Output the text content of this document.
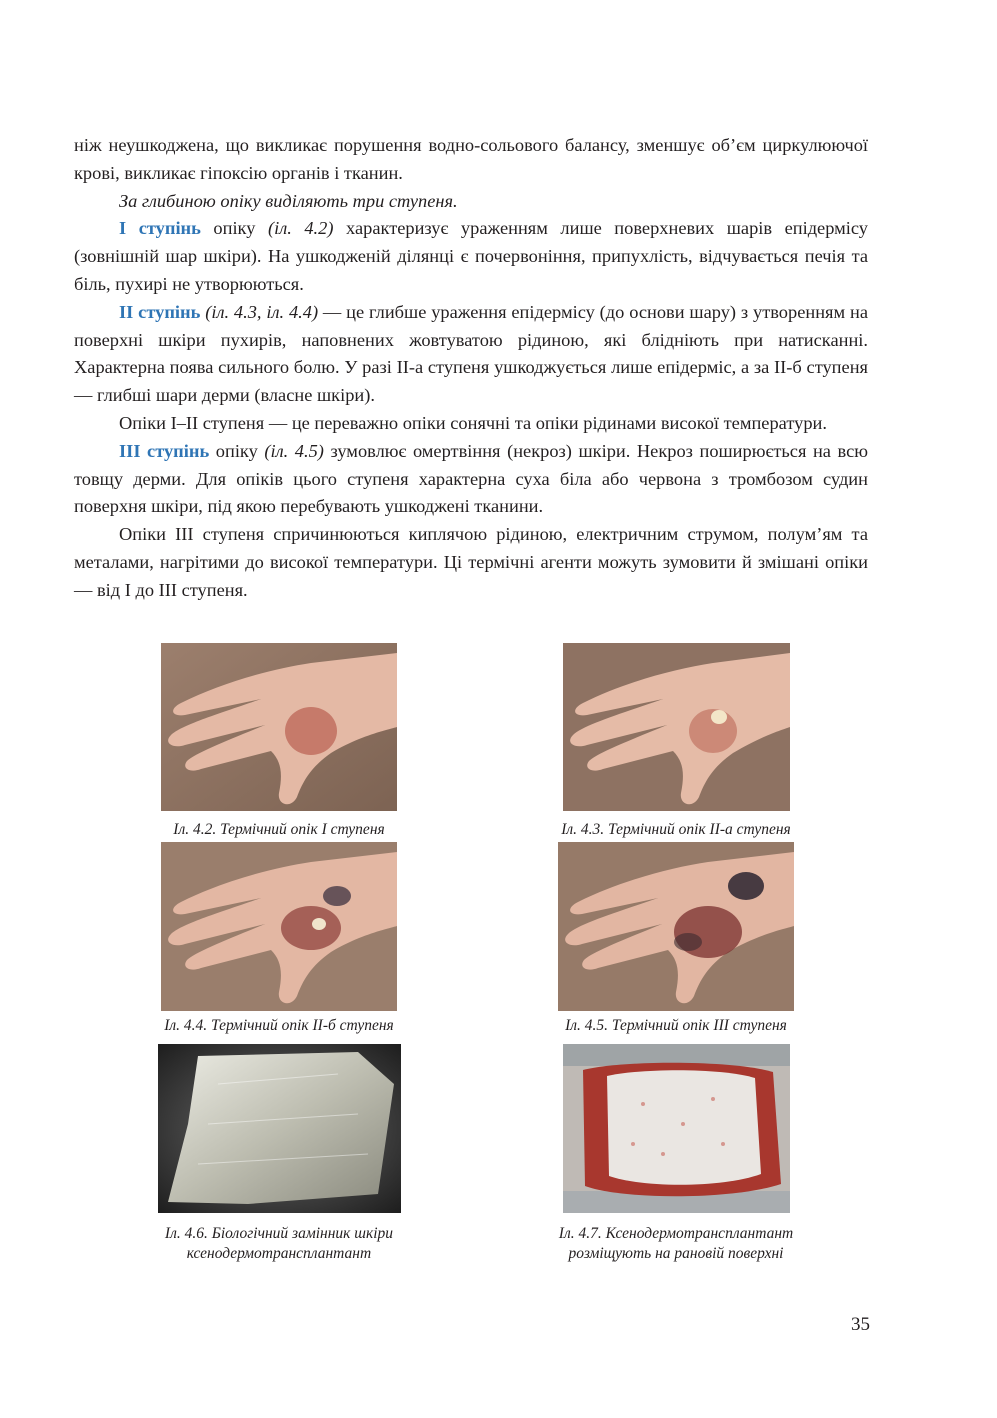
ніж неушкоджена, що викликає порушення водно-сольового балансу, зменшує об’єм циркулюючої крові, викликає гіпоксію органів і тканин.

За глибиною опіку виділяють три ступеня.

I ступінь опіку (іл. 4.2) характеризує ураженням лише поверхневих шарів епідермісу (зовнішній шар шкіри). На ушкодженій ділянці є почервоніння, припухлість, відчувається печія та біль, пухирі не утворюються.

II ступінь (іл. 4.3, іл. 4.4) — це глибше ураження епідермісу (до основи шару) з утворенням на поверхні шкіри пухирів, наповнених жовтуватою рідиною, які блідніють при натисканні. Характерна поява сильного болю. У разі II-а ступеня ушкоджується лише епідерміс, а за II-б ступеня — глибші шари дерми (власне шкіри).

Опіки I–II ступеня — це переважно опіки сонячні та опіки рідинами високої температури.

III ступінь опіку (іл. 4.5) зумовлює омертвіння (некроз) шкіри. Некроз поширюється на всю товщу дерми. Для опіків цього ступеня характерна суха біла або червона з тромбозом судин поверхня шкіри, під якою перебувають ушкоджені тканини.

Опіки III ступеня спричинюються киплячою рідиною, електричним струмом, полум’ям та металами, нагрітими до високої температури. Ці термічні агенти можуть зумовити й змішані опіки — від I до III ступеня.

Іл. 4.2. Термічний опік I ступеня	Іл. 4.3. Термічний опік II-а ступеня
Іл. 4.4. Термічний опік II-б ступеня	Іл. 4.5. Термічний опік III ступеня
Іл. 4.6. Біологічний замінник шкіри
ксенодермотрансплантант
Іл. 4.7. Ксенодермотрансплантант
розміщують на рановій поверхні
35
